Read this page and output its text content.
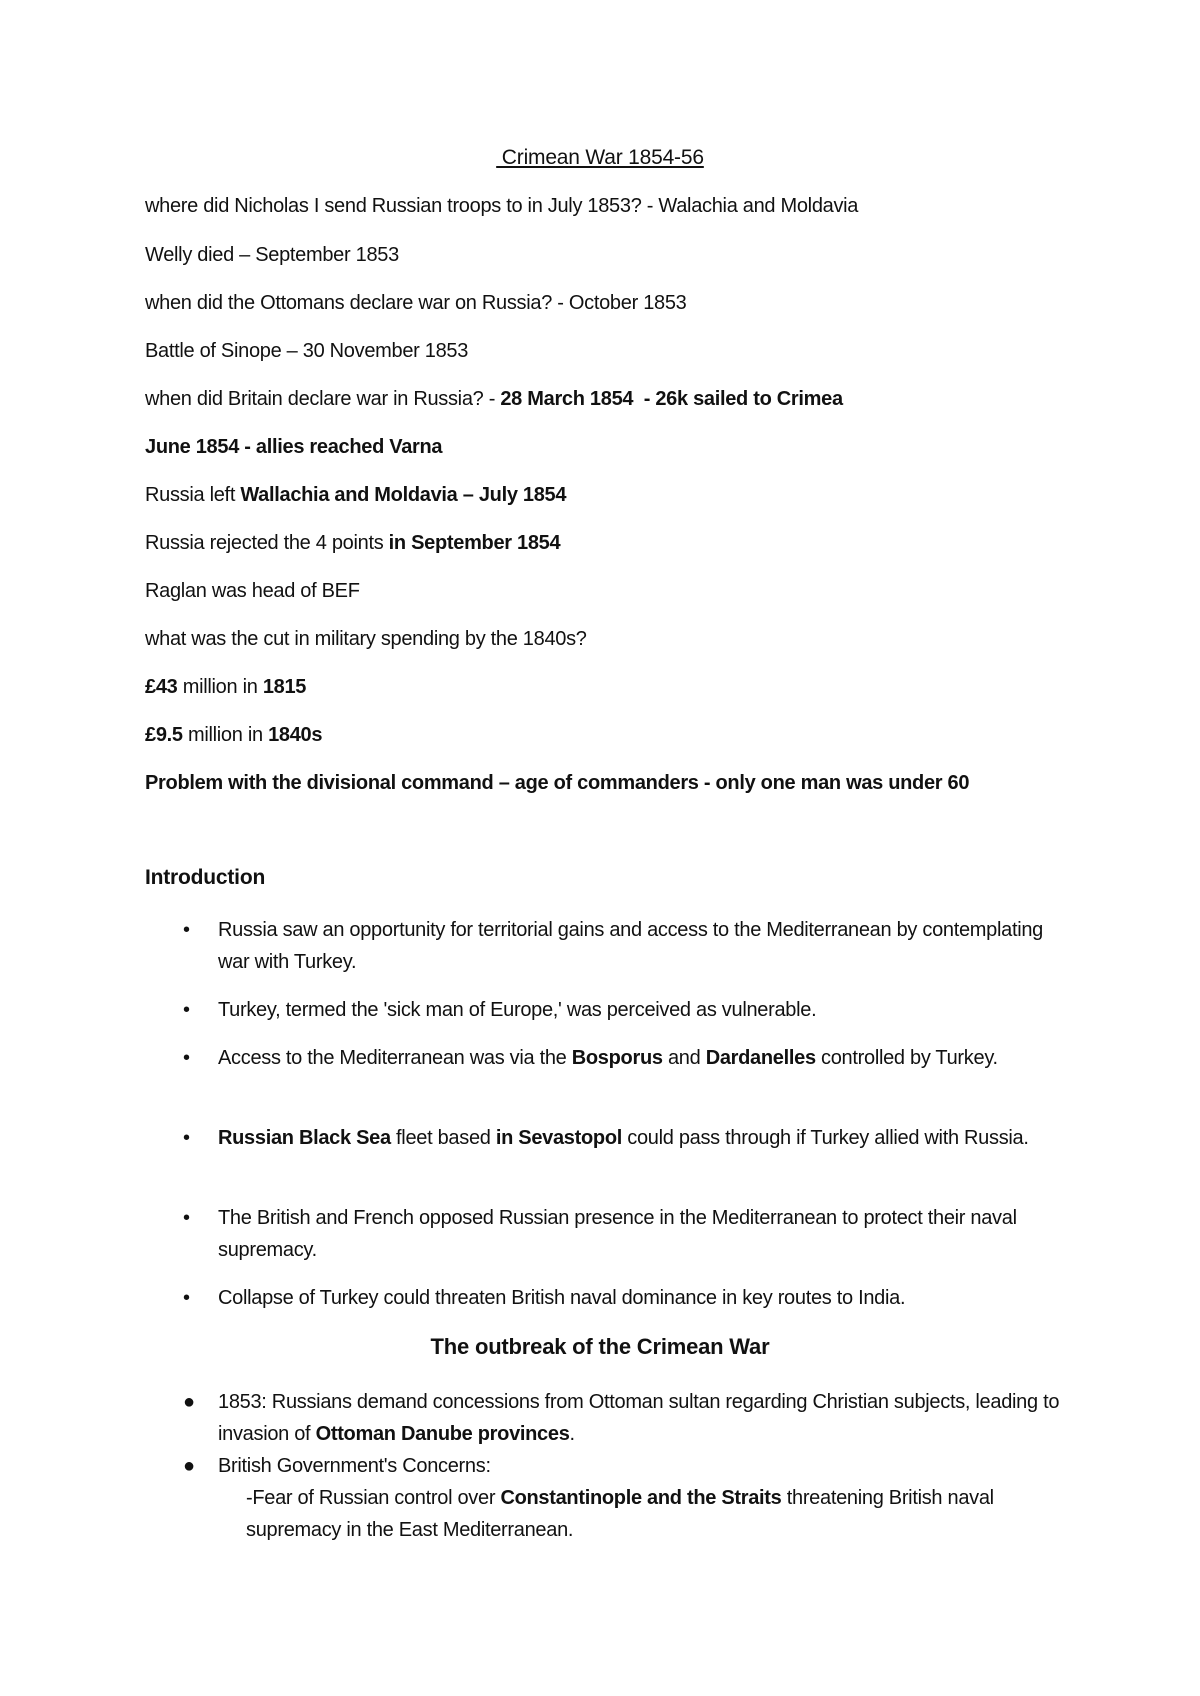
Crimean War 1854-56
where did Nicholas I send Russian troops to in July 1853? - Walachia and Moldavia
Welly died – September 1853
when did the Ottomans declare war on Russia? - October 1853
Battle of Sinope – 30 November 1853
when did Britain declare war in Russia? - 28 March 1854  - 26k sailed to Crimea
June 1854 - allies reached Varna
Russia left Wallachia and Moldavia – July 1854
Russia rejected the 4 points in September 1854
Raglan was head of BEF
what was the cut in military spending by the 1840s?
£43 million in 1815
£9.5 million in 1840s
Problem with the divisional command – age of commanders - only one man was under 60
Introduction
• Russia saw an opportunity for territorial gains and access to the Mediterranean by contemplating war with Turkey.
• Turkey, termed the 'sick man of Europe,' was perceived as vulnerable.
• Access to the Mediterranean was via the Bosporus and Dardanelles controlled by Turkey.
• Russian Black Sea fleet based in Sevastopol could pass through if Turkey allied with Russia.
• The British and French opposed Russian presence in the Mediterranean to protect their naval supremacy.
• Collapse of Turkey could threaten British naval dominance in key routes to India.
The outbreak of the Crimean War
● 1853: Russians demand concessions from Ottoman sultan regarding Christian subjects, leading to invasion of Ottoman Danube provinces.
● British Government's Concerns:
-Fear of Russian control over Constantinople and the Straits threatening British naval supremacy in the East Mediterranean.
